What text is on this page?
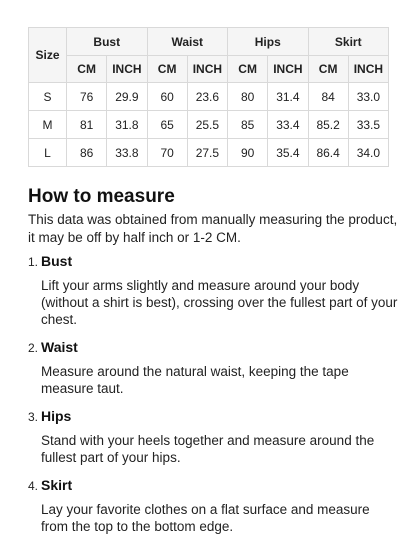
Size	Bust		Waist		Hips		Skirt	
	CM	INCH	CM	INCH	CM	INCH	CM	INCH
S	76	29.9	60	23.6	80	31.4	84	33.0
M	81	31.8	65	25.5	85	33.4	85.2	33.5
L	86	33.8	70	27.5	90	35.4	86.4	34.0
How to measure

This data was obtained from manually measuring the product, it may be off by half inch or 1-2 CM.

1. Bust
Lift your arms slightly and measure around your body (without a shirt is best), crossing over the fullest part of your chest.
2. Waist
Measure around the natural waist, keeping the tape measure taut.
3. Hips
Stand with your heels together and measure around the fullest part of your hips.
4. Skirt
Lay your favorite clothes on a flat surface and measure from the top to the bottom edge.
